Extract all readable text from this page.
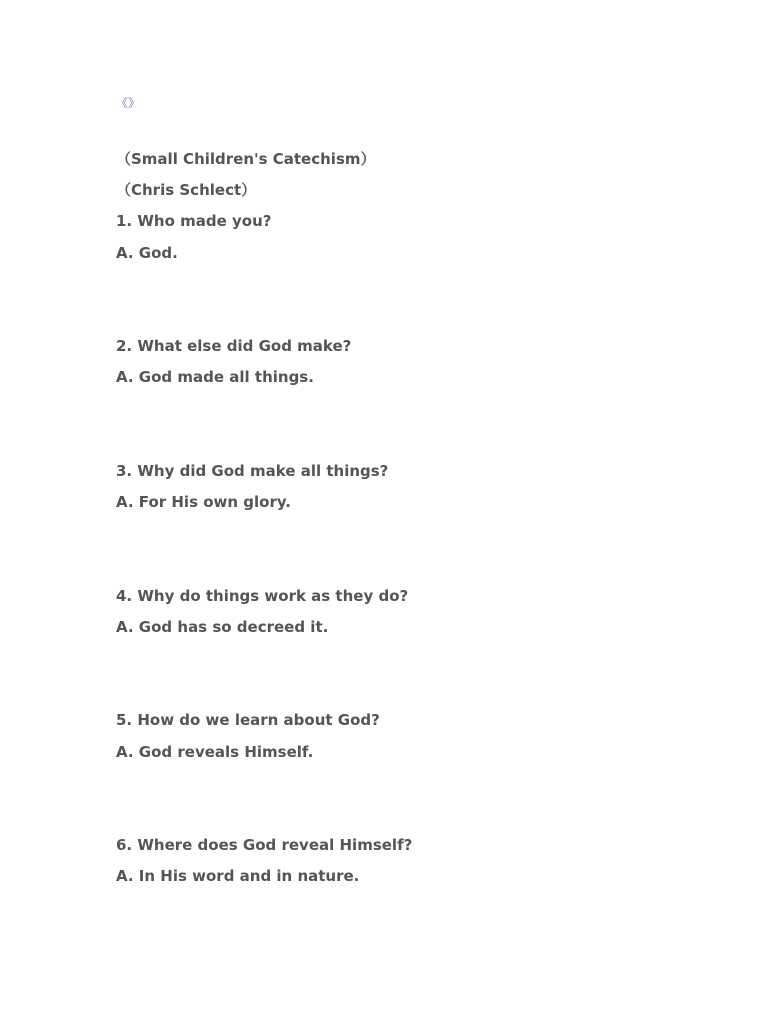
《》
（Small Children's Catechism）
（Chris Schlect）
1. Who made you?
A. God.
2. What else did God make?
A. God made all things.
3. Why did God make all things?
A. For His own glory.
4. Why do things work as they do?
A. God has so decreed it.
5. How do we learn about God?
A. God reveals Himself.
6. Where does God reveal Himself?
A. In His word and in nature.
